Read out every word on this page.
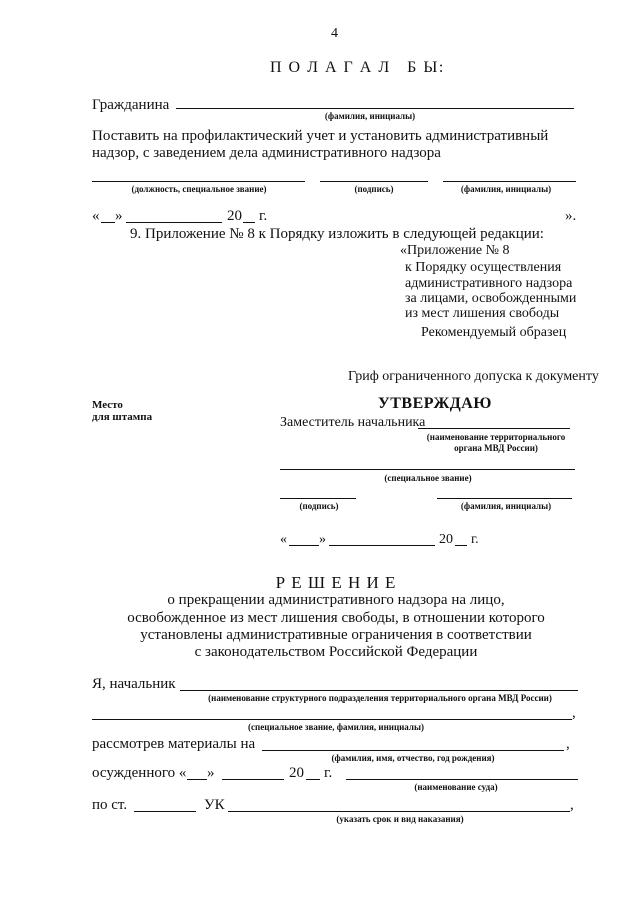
4
П О Л А Г А Л   Б Ы:
Гражданина
(фамилия, инициалы)
Поставить на профилактический учет и установить административный
надзор, с заведением дела административного надзора
(должность, специальное звание)	(подпись)	(фамилия, инициалы)
« »	20 г.	».
9. Приложение № 8 к Порядку изложить в следующей редакции:
«Приложение № 8
к Порядку осуществления
административного надзора
за лицами, освобожденными
из мест лишения свободы
Рекомендуемый образец
Гриф ограниченного допуска к документу
Место
для штампа
УТВЕРЖДАЮ
Заместитель начальника
(наименование территориального
органа МВД России)
(специальное звание)
(подпись)	(фамилия, инициалы)
« »	20 г.
Р Е Ш Е Н И Е
о прекращении административного надзора на лицо,
освобожденное из мест лишения свободы, в отношении которого
установлены административные ограничения в соответствии
с законодательством Российской Федерации
Я, начальник
(наименование структурного подразделения территориального органа МВД России)
,
(специальное звание, фамилия, инициалы)
рассмотрев материалы на	,
(фамилия, имя, отчество, год рождения)
осужденного « »	20 г.
(наименование суда)
по ст.	УК	,
(указать срок и вид наказания)
